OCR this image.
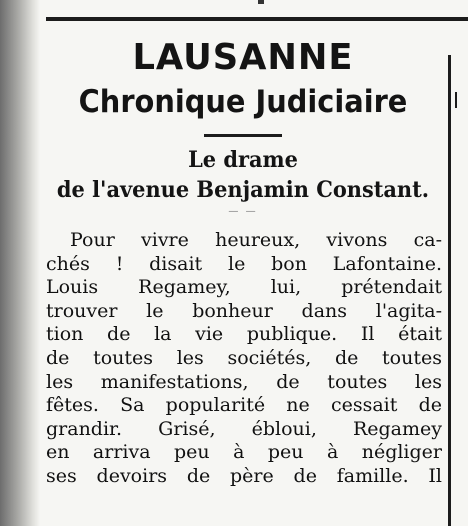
LAUSANNE
Chronique Judiciaire
Le drame
de l'avenue Benjamin Constant.
— —
Pour vivre heureux, vivons ca-
chés ! disait le bon Lafontaine.
Louis Regamey, lui, prétendait
trouver le bonheur dans l'agita-
tion de la vie publique. Il était
de toutes les sociétés, de toutes
les manifestations, de toutes les
fêtes. Sa popularité ne cessait de
grandir. Grisé, ébloui, Regamey
en arriva peu à peu à négliger
ses devoirs de père de famille. Il
